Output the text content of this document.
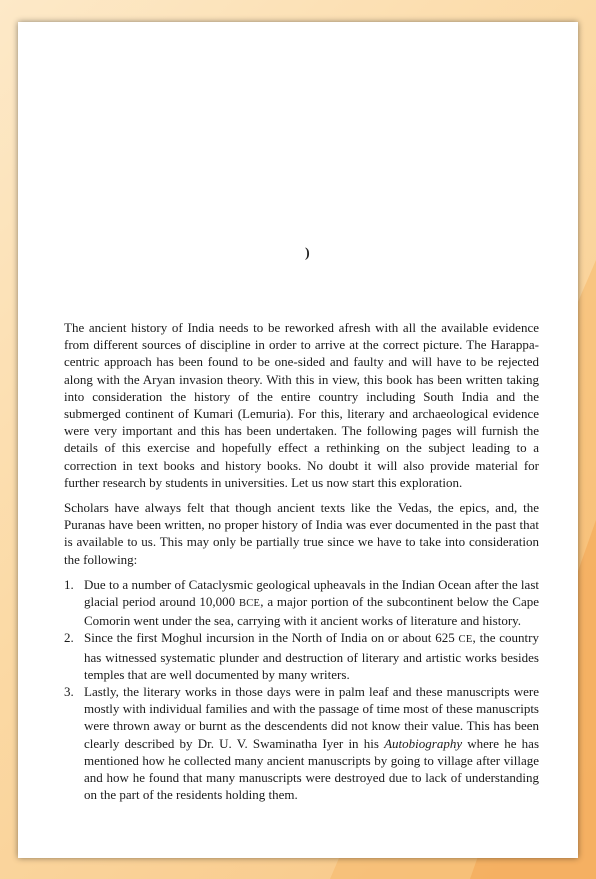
)

The ancient history of India needs to be reworked afresh with all the available evidence from different sources of discipline in order to arrive at the correct picture. The Harappa-centric approach has been found to be one-sided and faulty and will have to be rejected along with the Aryan invasion theory. With this in view, this book has been written taking into consideration the history of the entire country including South India and the submerged continent of Kumari (Lemuria). For this, literary and archaeological evidence were very important and this has been undertaken. The following pages will furnish the details of this exercise and hopefully effect a rethinking on the subject leading to a correction in text books and history books. No doubt it will also provide material for further research by students in universities. Let us now start this exploration.

Scholars have always felt that though ancient texts like the Vedas, the epics, and, the Puranas have been written, no proper history of India was ever documented in the past that is available to us. This may only be partially true since we have to take into consideration the following:

1. Due to a number of Cataclysmic geological upheavals in the Indian Ocean after the last glacial period around 10,000 BCE, a major portion of the subcontinent below the Cape Comorin went under the sea, carrying with it ancient works of literature and history.
2. Since the first Moghul incursion in the North of India on or about 625 CE, the country has witnessed systematic plunder and destruction of literary and artistic works besides temples that are well documented by many writers.
3. Lastly, the literary works in those days were in palm leaf and these manuscripts were mostly with individual families and with the passage of time most of these manuscripts were thrown away or burnt as the descendents did not know their value. This has been clearly described by Dr. U. V. Swaminatha Iyer in his Autobiography where he has mentioned how he collected many ancient manuscripts by going to village after village and how he found that many manuscripts were destroyed due to lack of understanding on the part of the residents holding them.
